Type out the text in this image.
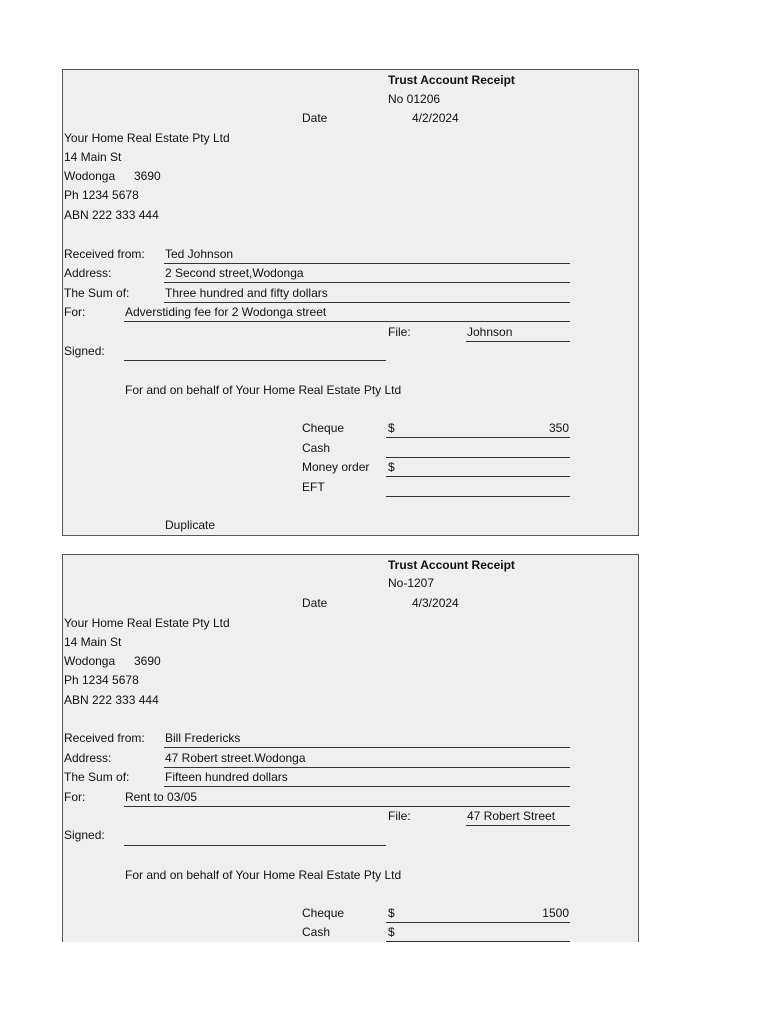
Trust Account Receipt
No 01206
Date	4/2/2024
Your Home Real Estate Pty Ltd
14 Main St
Wodonga 3690
Ph 1234 5678
ABN 222 333 444
Received from: Ted Johnson
Address:	2 Second street,Wodonga
The Sum of:	Three hundred and fifty dollars
For:	Adverstiding fee for 2 Wodonga street
File:	Johnson
Signed:
For and on behalf of Your Home Real Estate Pty Ltd
Cheque	$	350
Cash
Money order $
EFT
Duplicate
Trust Account Receipt
No-1207
Date	4/3/2024
Your Home Real Estate Pty Ltd
14 Main St
Wodonga 3690
Ph 1234 5678
ABN 222 333 444
Received from: Bill Fredericks
Address:	47 Robert street.Wodonga
The Sum of:	Fifteen hundred dollars
For:	Rent to 03/05
File:	47 Robert Street
Signed:
For and on behalf of Your Home Real Estate Pty Ltd
Cheque	$	1500
Cash	$
